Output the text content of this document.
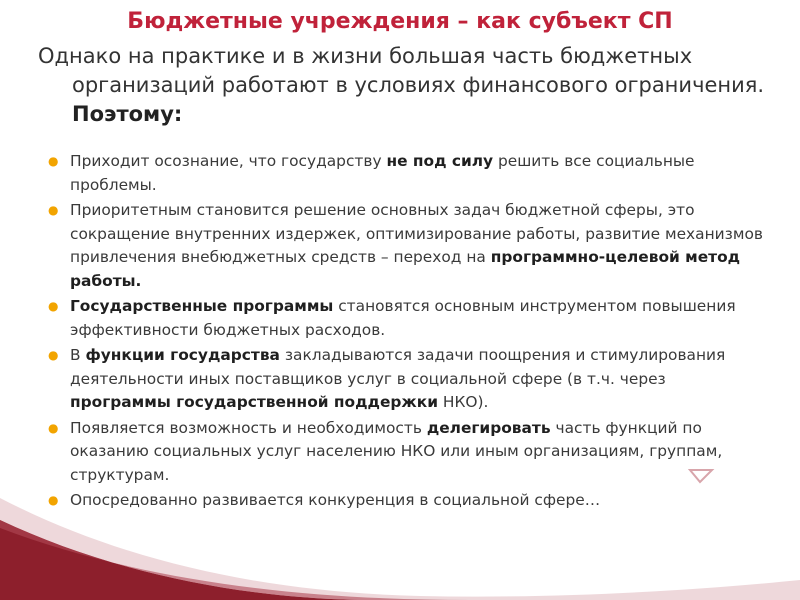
Бюджетные учреждения – как субъект СП
Однако на практике и в жизни большая часть бюджетных организаций работают в условиях финансового ограничения. Поэтому:
● Приходит осознание, что государству не под силу решить все социальные проблемы.
● Приоритетным становится решение основных задач бюджетной сферы, это сокращение внутренних издержек, оптимизирование работы, развитие механизмов привлечения внебюджетных средств – переход на программно-целевой метод работы.
● Государственные программы становятся основным инструментом повышения эффективности бюджетных расходов.
● В функции государства закладываются задачи поощрения и стимулирования деятельности иных поставщиков услуг в социальной сфере (в т.ч. через программы государственной поддержки НКО).
● Появляется возможность и необходимость делегировать часть функций по оказанию социальных услуг населению НКО или иным организациям, группам, структурам.
● Опосредованно развивается конкуренция в социальной сфере…
